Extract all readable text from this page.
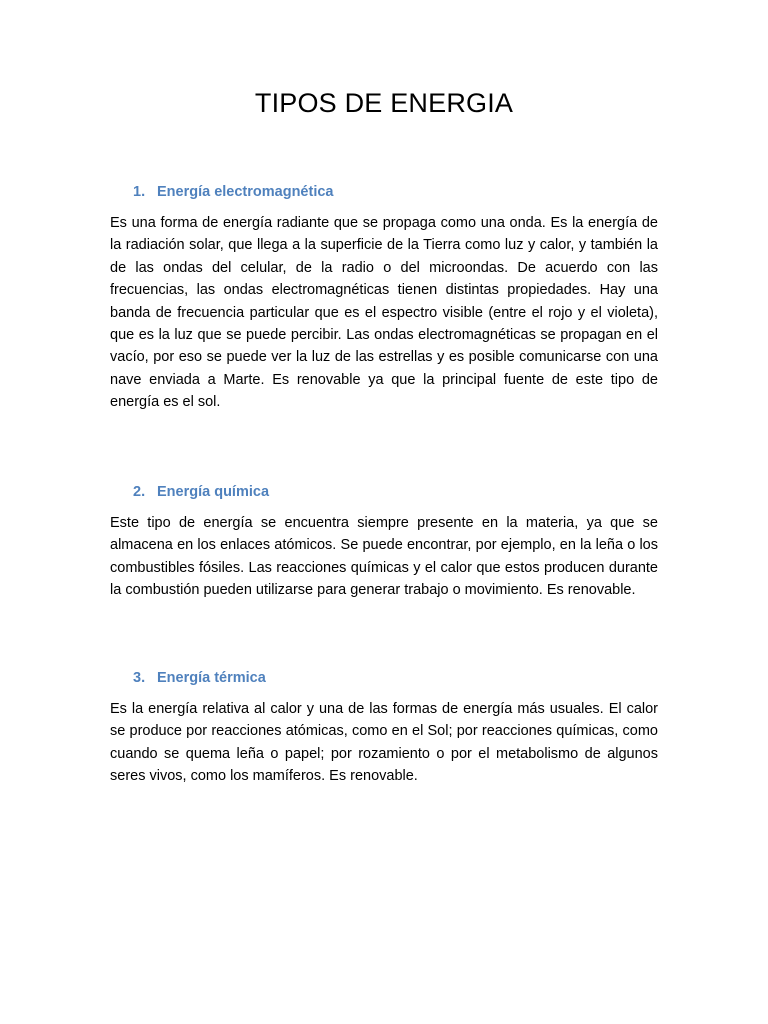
TIPOS DE ENERGIA
1. Energía electromagnética

Es una forma de energía radiante que se propaga como una onda. Es la energía de la radiación solar, que llega a la superficie de la Tierra como luz y calor, y también la de las ondas del celular, de la radio o del microondas. De acuerdo con las frecuencias, las ondas electromagnéticas tienen distintas propiedades. Hay una banda de frecuencia particular que es el espectro visible (entre el rojo y el violeta), que es la luz que se puede percibir. Las ondas electromagnéticas se propagan en el vacío, por eso se puede ver la luz de las estrellas y es posible comunicarse con una nave enviada a Marte. Es renovable ya que la principal fuente de este tipo de energía es el sol.

2. Energía química

Este tipo de energía se encuentra siempre presente en la materia, ya que se almacena en los enlaces atómicos. Se puede encontrar, por ejemplo, en la leña o los combustibles fósiles. Las reacciones químicas y el calor que estos producen durante la combustión pueden utilizarse para generar trabajo o movimiento. Es renovable.

3. Energía térmica

Es la energía relativa al calor y una de las formas de energía más usuales. El calor se produce por reacciones atómicas, como en el Sol; por reacciones químicas, como cuando se quema leña o papel; por rozamiento o por el metabolismo de algunos seres vivos, como los mamíferos. Es renovable.
